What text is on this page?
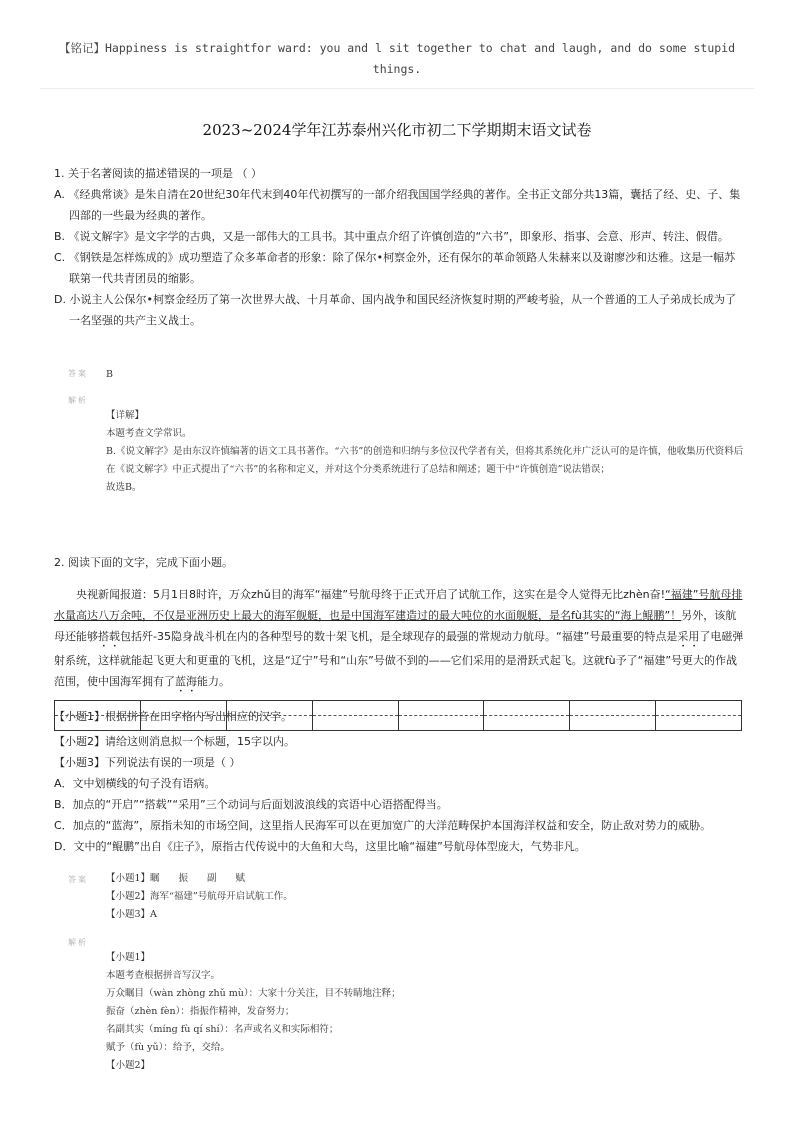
【铭记】Happiness is straightfor ward: you and l sit together to chat and laugh, and do some stupid things.
2023~2024学年江苏泰州兴化市初二下学期期末语文试卷

1. 关于名著阅读的描述错误的一项是 （ ）

A. 《经典常谈》是朱自清在20世纪30年代末到40年代初撰写的一部介绍我国国学经典的著作。全书正文部分共13篇，囊括了经、史、子、集四部的一些最为经典的著作。

B. 《说文解字》是文字学的古典，又是一部伟大的工具书。其中重点介绍了许慎创造的“六书”，即象形、指事、会意、形声、转注、假借。

C. 《钢铁是怎样炼成的》成功塑造了众多革命者的形象：除了保尔•柯察金外，还有保尔的革命领路人朱赫来以及谢廖沙和达雅。这是一幅苏联第一代共青团员的缩影。

D. 小说主人公保尔•柯察金经历了第一次世界大战、十月革命、国内战争和国民经济恢复时期的严峻考验，从一个普通的工人子弟成长成为了一名坚强的共产主义战士。

答案 B
解析

【详解】

本题考查文学常识。

B.《说文解字》是由东汉许慎编著的语文工具书著作。“六书”的创造和归纳与多位汉代学者有关，但将其系统化并广泛认可的是许慎，他收集历代资料后在《说文解字》中正式提出了“六书”的名称和定义，并对这个分类系统进行了总结和阐述；题干中“许慎创造”说法错误；

故选B。

2. 阅读下面的文字，完成下面小题。

央视新闻报道：5月1日8时许，万众zhǔ目的海军“福建”号航母终于正式开启了试航工作，这实在是令人觉得无比zhèn奋!“福建”号航母排水量高达八万余吨，不仅是亚洲历史上最大的海军舰艇，也是中国海军建造过的最大吨位的水面舰艇，是名fù其实的“海上鲲鹏”！另外，该航母还能够搭载包括歼-35隐身战斗机在内的各种型号的数十架飞机，是全球现存的最强的常规动力航母。“福建”号最重要的特点是采用了电磁弹射系统，这样就能起飞更大和更重的飞机，这是“辽宁”号和“山东”号做不到的——它们采用的是滑跃式起飞。这就fù予了“福建”号更大的作战范围，使中国海军拥有了蓝海能力。

【小题1】根据拼音在田字格内写出相应的汉字。

【小题2】请给这则消息拟一个标题，15字以内。

【小题3】下列说法有误的一项是（ ）

A．文中划横线的句子没有语病。

B．加点的“开启”“搭载”“采用”三个动词与后面划波浪线的宾语中心语搭配得当。

C．加点的“蓝海”，原指未知的市场空间，这里指人民海军可以在更加宽广的大洋范畴保护本国海洋权益和安全，防止敌对势力的威胁。

D．文中的“鲲鹏”出自《庄子》，原指古代传说中的大鱼和大鸟，这里比喻“福建”号航母体型庞大，气势非凡。

答案 【小题1】瞩　　振　　副　　赋

【小题2】海军“福建”号航母开启试航工作。

【小题3】A

解析

【小题1】

本题考查根据拼音写汉字。

万众瞩目（wàn zhòng zhǔ mù）：大家十分关注，目不转睛地注释；

振奋（zhèn fèn）：指振作精神，发奋努力；

名副其实（míng fù qí shí）：名声或名义和实际相符；

赋予（fù yǔ）：给予，交给。

【小题2】
